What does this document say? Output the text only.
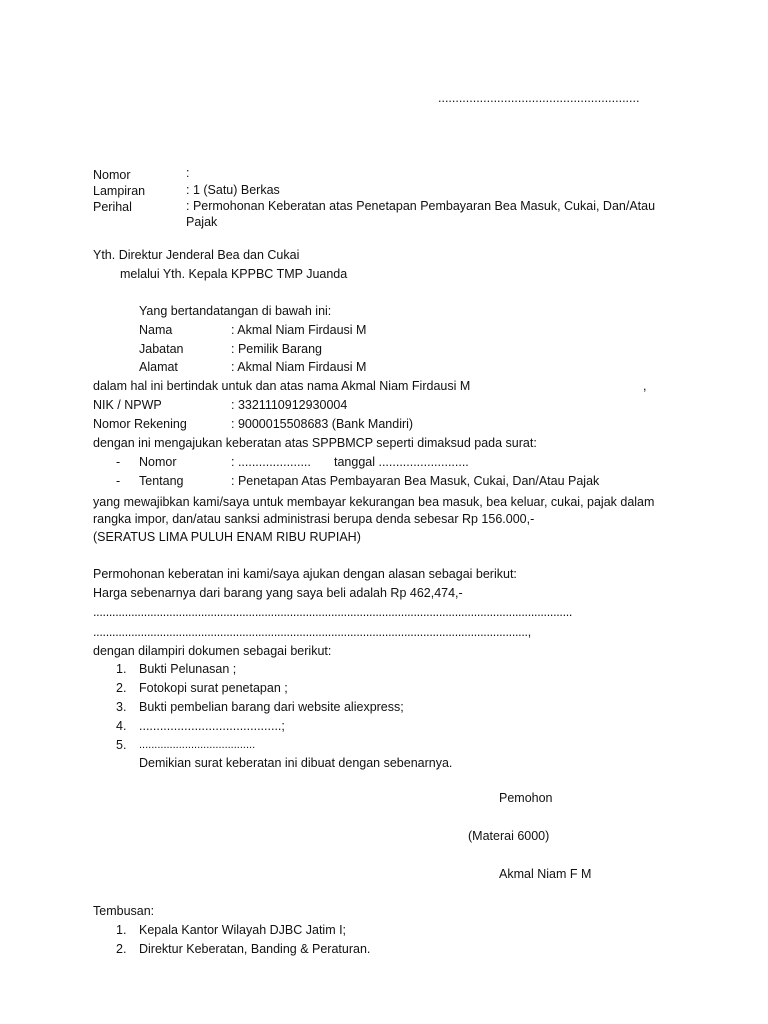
..........................................................
Nomor	:
Lampiran	: 1 (Satu) Berkas
Perihal	: Permohonan Keberatan atas Penetapan Pembayaran Bea Masuk, Cukai, Dan/Atau
Pajak
Yth. Direktur Jenderal Bea dan Cukai
melalui Yth. Kepala KPPBC TMP Juanda
Yang bertandatangan di bawah ini:
Nama	: Akmal Niam Firdausi M
Jabatan	: Pemilik Barang
Alamat	: Akmal Niam Firdausi M
dalam hal ini bertindak untuk dan atas nama Akmal Niam Firdausi M	,
NIK / NPWP	: 3321110912930004
Nomor Rekening	: 9000015508683 (Bank Mandiri)
dengan ini mengajukan keberatan atas SPPBMCP seperti dimaksud pada surat:
- Nomor	: ..................... tanggal ..........................
- Tentang	: Penetapan Atas Pembayaran Bea Masuk, Cukai, Dan/Atau Pajak
yang mewajibkan kami/saya untuk membayar kekurangan bea masuk, bea keluar, cukai, pajak dalam
rangka impor, dan/atau sanksi administrasi berupa denda sebesar Rp 156.000,-
(SERATUS LIMA PULUH ENAM RIBU RUPIAH)
Permohonan keberatan ini kami/saya ajukan dengan alasan sebagai berikut:
Harga sebenarnya dari barang yang saya beli adalah Rp 462,474,-
.......................................................................................................................................................
.........................................................................................................................................,
dengan dilampiri dokumen sebagai berikut:
1. Bukti Pelunasan ;
2. Fotokopi surat penetapan ;
3. Bukti pembelian barang dari website aliexpress;
4. .........................................;
5. ......................................
Demikian surat keberatan ini dibuat dengan sebenarnya.
Pemohon
(Materai 6000)
Akmal Niam F M
Tembusan:
1. Kepala Kantor Wilayah DJBC Jatim I;
2. Direktur Keberatan, Banding & Peraturan.
